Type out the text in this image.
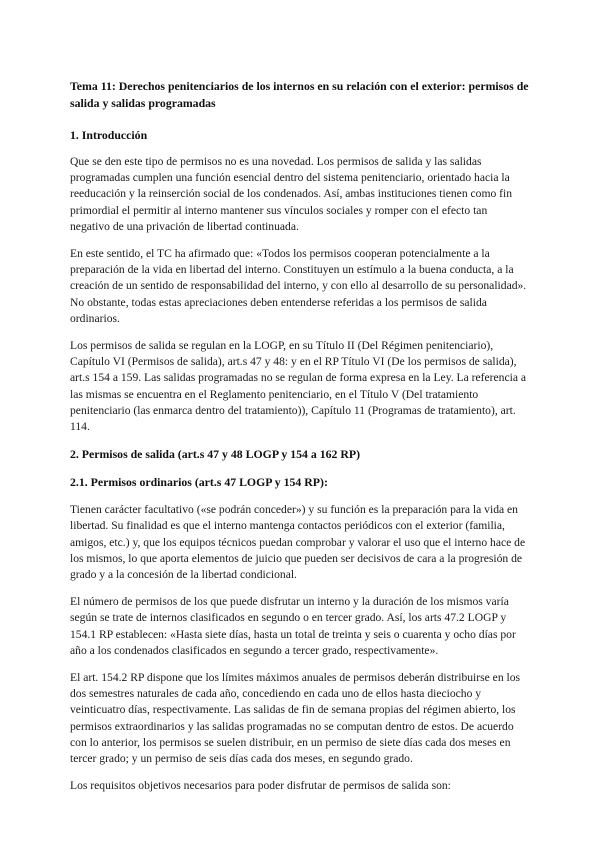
Tema 11: Derechos penitenciarios de los internos en su relación con el exterior: permisos de salida y salidas programadas
1. Introducción

Que se den este tipo de permisos no es una novedad. Los permisos de salida y las salidas programadas cumplen una función esencial dentro del sistema penitenciario, orientado hacia la reeducación y la reinserción social de los condenados. Así, ambas instituciones tienen como fin primordial el permitir al interno mantener sus vínculos sociales y romper con el efecto tan negativo de una privación de libertad continuada.

En este sentido, el TC ha afirmado que: «Todos los permisos cooperan potencialmente a la preparación de la vida en libertad del interno. Constituyen un estímulo a la buena conducta, a la creación de un sentido de responsabilidad del interno, y con ello al desarrollo de su personalidad». No obstante, todas estas apreciaciones deben entenderse referidas a los permisos de salida ordinarios.

Los permisos de salida se regulan en la LOGP, en su Título II (Del Régimen penitenciario), Capítulo VI (Permisos de salida), art.s 47 y 48: y en el RP Título VI (De los permisos de salida), art.s 154 a 159. Las salidas programadas no se regulan de forma expresa en la Ley. La referencia a las mismas se encuentra en el Reglamento penitenciario, en el Título V (Del tratamiento penitenciario (las enmarca dentro del tratamiento)), Capítulo 11 (Programas de tratamiento), art. 114.

2. Permisos de salida (art.s 47 y 48 LOGP y 154 a 162 RP)
2.1. Permisos ordinarios (art.s 47 LOGP y 154 RP):

Tienen carácter facultativo («se podrán conceder») y su función es la preparación para la vida en libertad. Su finalidad es que el interno mantenga contactos periódicos con el exterior (familia, amigos, etc.) y, que los equipos técnicos puedan comprobar y valorar el uso que el interno hace de los mismos, lo que aporta elementos de juicio que pueden ser decisivos de cara a la progresión de grado y a la concesión de la libertad condicional.

El número de permisos de los que puede disfrutar un interno y la duración de los mismos varía según se trate de internos clasificados en segundo o en tercer grado. Así, los arts 47.2 LOGP y 154.1 RP establecen: «Hasta siete días, hasta un total de treinta y seis o cuarenta y ocho días por año a los condenados clasificados en segundo a tercer grado, respectivamente».

El art. 154.2 RP dispone que los límites máximos anuales de permisos deberán distribuirse en los dos semestres naturales de cada año, concediendo en cada uno de ellos hasta dieciocho y veinticuatro días, respectivamente. Las salidas de fin de semana propias del régimen abierto, los permisos extraordinarios y las salidas programadas no se computan dentro de estos. De acuerdo con lo anterior, los permisos se suelen distribuir, en un permiso de siete días cada dos meses en tercer grado; y un permiso de seis días cada dos meses, en segundo grado.

Los requisitos objetivos necesarios para poder disfrutar de permisos de salida son:
